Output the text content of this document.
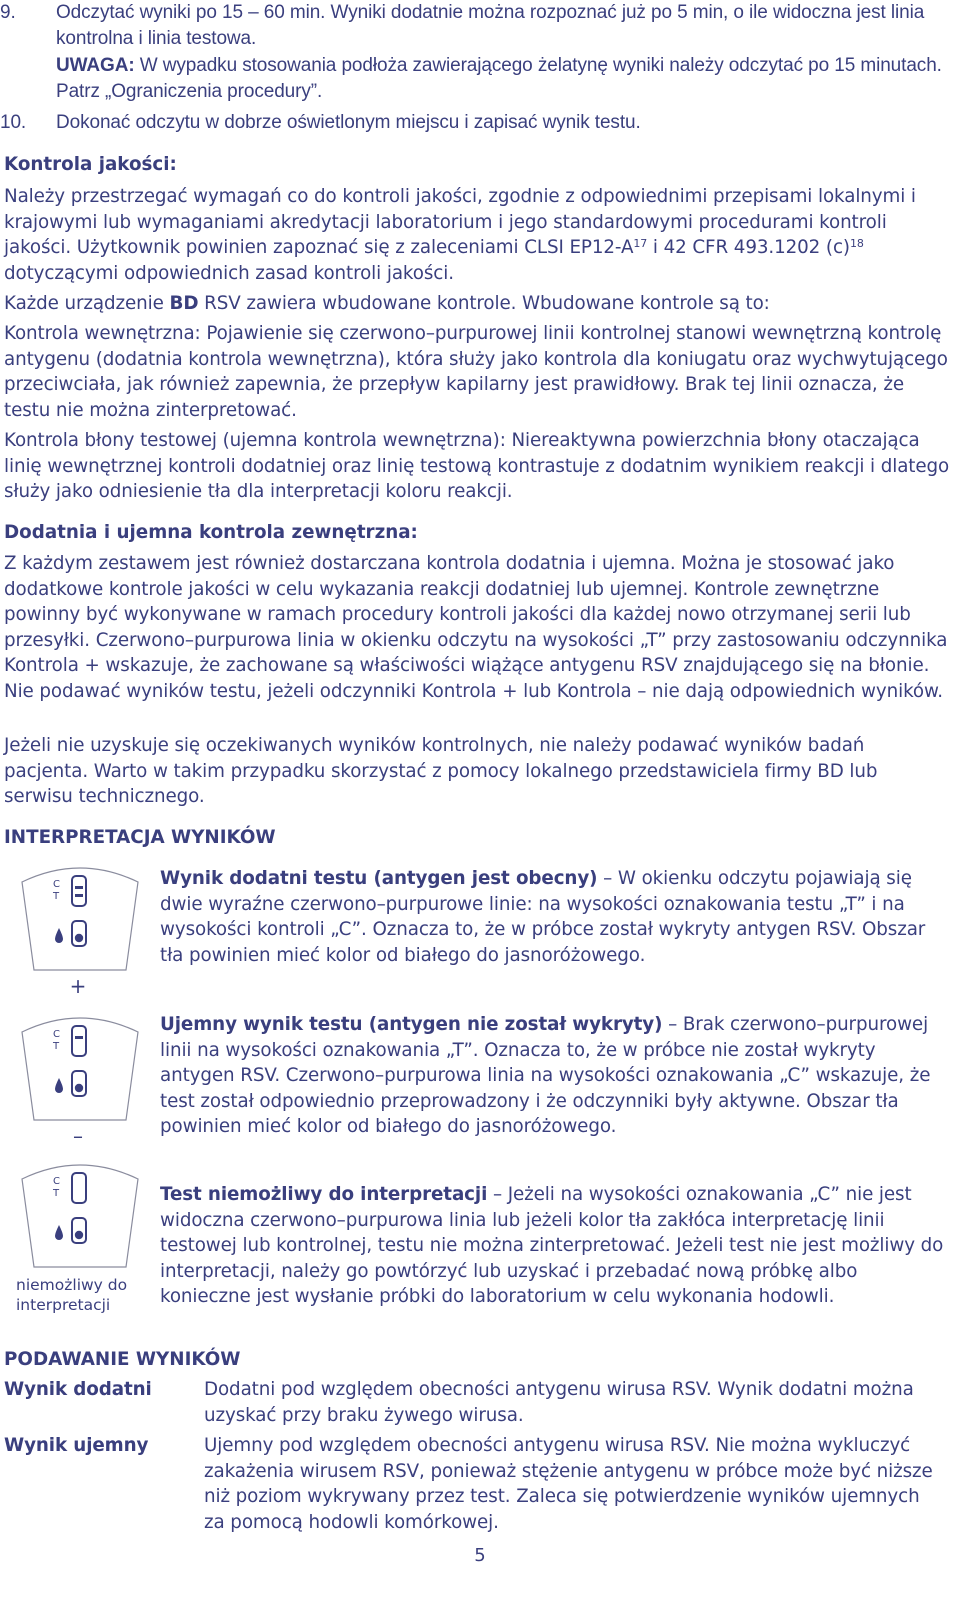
9. Odczytać wyniki po 15 – 60 min. Wyniki dodatnie można rozpoznać już po 5 min, o ile widoczna jest linia kontrolna i linia testowa.

UWAGA: W wypadku stosowania podłoża zawierającego żelatynę wyniki należy odczytać po 15 minutach. Patrz „Ograniczenia procedury”.

10. Dokonać odczytu w dobrze oświetlonym miejscu i zapisać wynik testu.

Kontrola jakości:

Należy przestrzegać wymagań co do kontroli jakości, zgodnie z odpowiednimi przepisami lokalnymi i krajowymi lub wymaganiami akredytacji laboratorium i jego standardowymi procedurami kontroli jakości. Użytkownik powinien zapoznać się z zaleceniami CLSI $EP12-A^{17}$ i 42 CFR 493.1202 $(c)^{18}$ dotyczącymi odpowiednich zasad kontroli jakości.

Każde urządzenie BD RSV zawiera wbudowane kontrole. Wbudowane kontrole są to:

Kontrola wewnętrzna: Pojawienie się czerwono–purpurowej linii kontrolnej stanowi wewnętrzną kontrolę antygenu (dodatnia kontrola wewnętrzna), która służy jako kontrola dla koniugatu oraz wychwytującego przeciwciała, jak również zapewnia, że przepływ kapilarny jest prawidłowy. Brak tej linii oznacza, że testu nie można zinterpretować.

Kontrola błony testowej (ujemna kontrola wewnętrzna): Niereaktywna powierzchnia błony otaczająca linię wewnętrznej kontroli dodatniej oraz linię testową kontrastuje z dodatnim wynikiem reakcji i dlatego służy jako odniesienie tła dla interpretacji koloru reakcji.

Dodatnia i ujemna kontrola zewnętrzna:

Z każdym zestawem jest również dostarczana kontrola dodatnia i ujemna. Można je stosować jako dodatkowe kontrole jakości w celu wykazania reakcji dodatniej lub ujemnej. Kontrole zewnętrzne powinny być wykonywane w ramach procedury kontroli jakości dla każdej nowo otrzymanej serii lub przesyłki. Czerwono–purpurowa linia w okienku odczytu na wysokości „T” przy zastosowaniu odczynnika Kontrola + wskazuje, że zachowane są właściwości wiążące antygenu RSV znajdującego się na błonie. Nie podawać wyników testu, jeżeli odczynniki Kontrola + lub Kontrola – nie dają odpowiednich wyników.

Jeżeli nie uzyskuje się oczekiwanych wyników kontrolnych, nie należy podawać wyników badań pacjenta. Warto w takim przypadku skorzystać z pomocy lokalnego przedstawiciela firmy BD lub serwisu technicznego.

INTERPRETACJA WYNIKÓW
C
T
+

Wynik dodatni testu (antygen jest obecny) – W okienku odczytu pojawiają się dwie wyraźne czerwono–purpurowe linie: na wysokości oznakowania testu „T” i na wysokości kontroli „C”. Oznacza to, że w próbce został wykryty antygen RSV. Obszar tła powinien mieć kolor od białego do jasnoróżowego.

C
T
–

Ujemny wynik testu (antygen nie został wykryty) – Brak czerwono–purpurowej linii na wysokości oznakowania „T”. Oznacza to, że w próbce nie został wykryty antygen RSV. Czerwono–purpurowa linia na wysokości oznakowania „C” wskazuje, że test został odpowiednio przeprowadzony i że odczynniki były aktywne. Obszar tła powinien mieć kolor od białego do jasnoróżowego.

C
T
niemożliwy do interpretacji

Test niemożliwy do interpretacji – Jeżeli na wysokości oznakowania „C” nie jest widoczna czerwono–purpurowa linia lub jeżeli kolor tła zakłóca interpretację linii testowej lub kontrolnej, testu nie można zinterpretować. Jeżeli test nie jest możliwy do interpretacji, należy go powtórzyć lub uzyskać i przebadać nową próbkę albo konieczne jest wysłanie próbki do laboratorium w celu wykonania hodowli.

PODAWANIE WYNIKÓW
Wynik dodatni	Dodatni pod względem obecności antygenu wirusa RSV. Wynik dodatni można uzyskać przy braku żywego wirusa.
Wynik ujemny	Ujemny pod względem obecności antygenu wirusa RSV. Nie można wykluczyć zakażenia wirusem RSV, ponieważ stężenie antygenu w próbce może być niższe niż poziom wykrywany przez test. Zaleca się potwierdzenie wyników ujemnych za pomocą hodowli komórkowej.
5
